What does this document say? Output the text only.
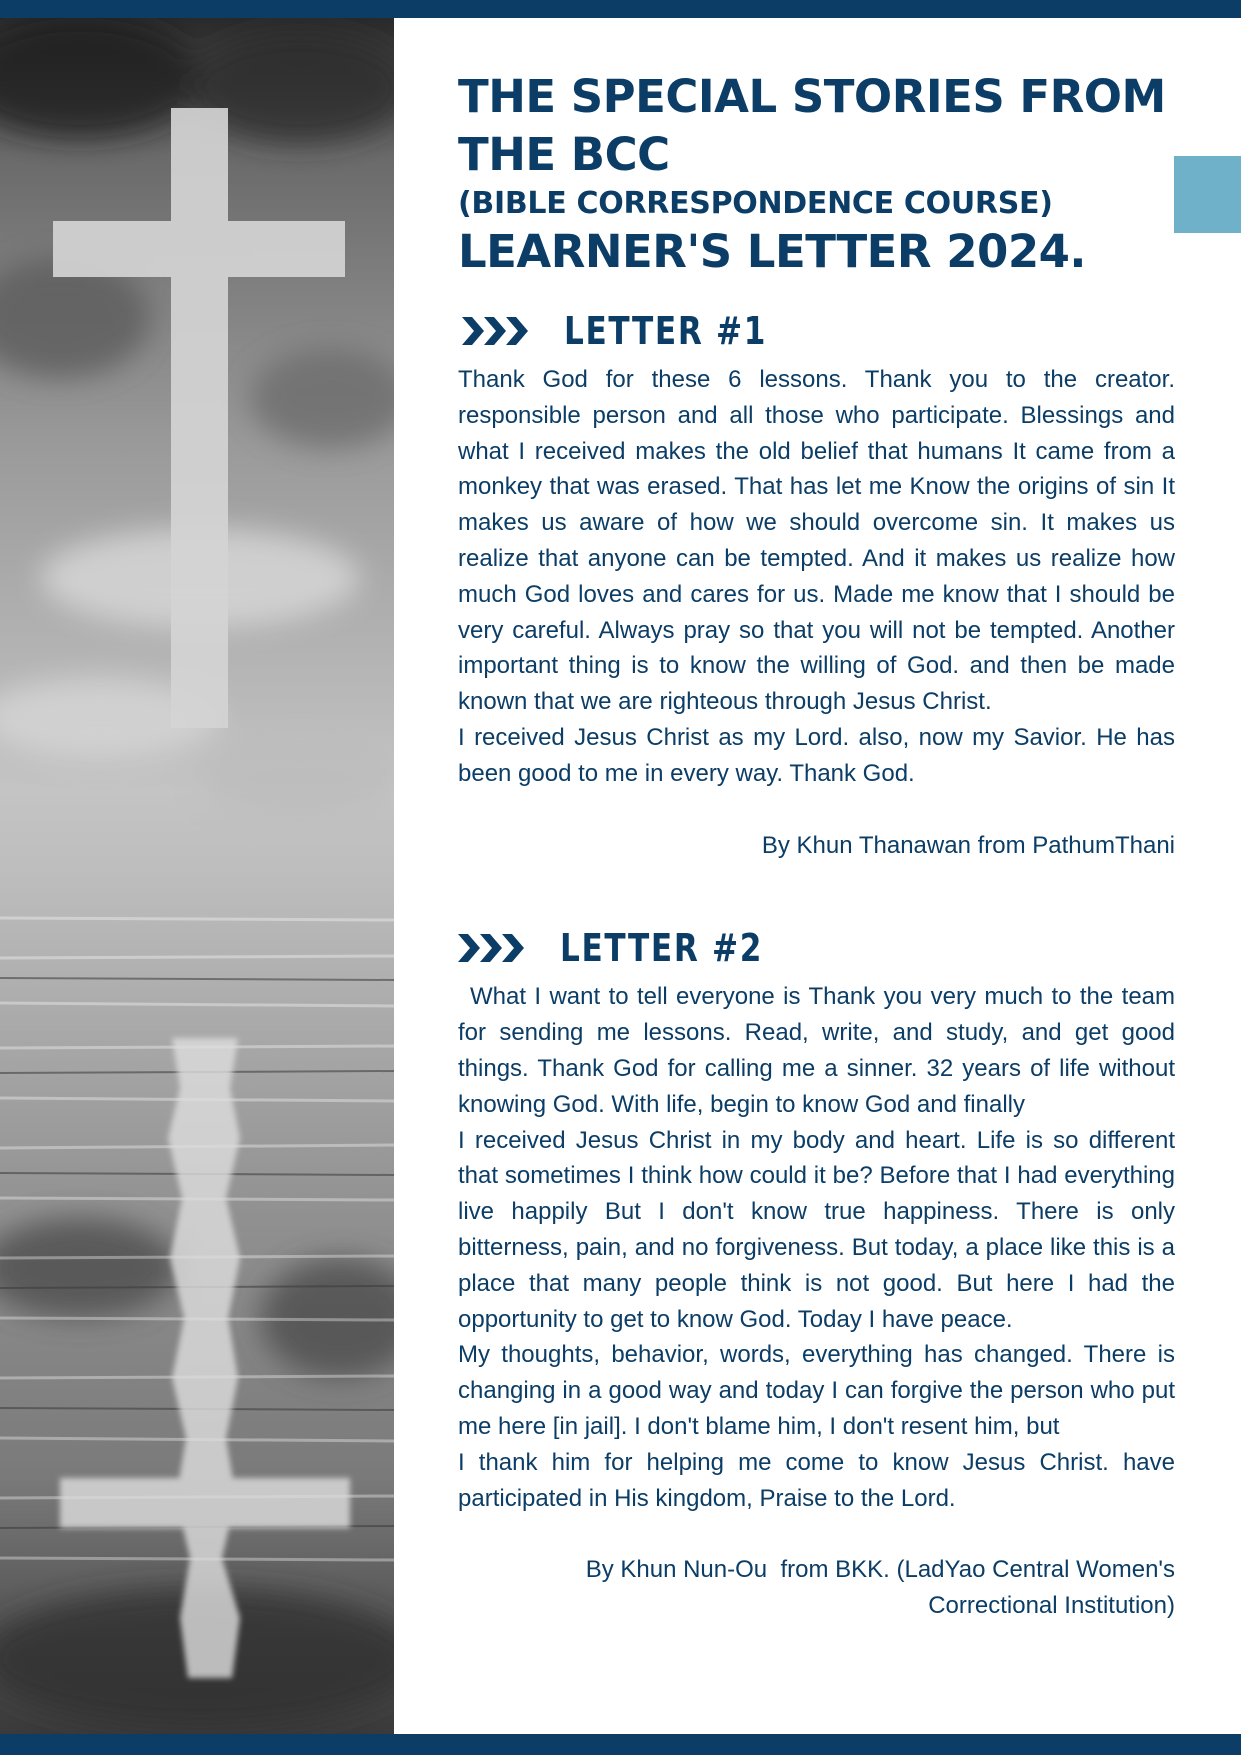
THE SPECIAL STORIES FROM THE BCC
(BIBLE CORRESPONDENCE COURSE)
LEARNER'S LETTER 2024.
LETTER #1

Thank God for these 6 lessons. Thank you to the creator. responsible person and all those who participate. Blessings and what I received makes the old belief that humans It came from a monkey that was erased. That has let me Know the origins of sin It makes us aware of how we should overcome sin. It makes us realize that anyone can be tempted. And it makes us realize how much God loves and cares for us. Made me know that I should be very careful. Always pray so that you will not be tempted. Another important thing is to know the willing of God. and then be made known that we are righteous through Jesus Christ.

I received Jesus Christ as my Lord. also, now my Savior. He has been good to me in every way. Thank God.

By Khun Thanawan from PathumThani

LETTER #2

What I want to tell everyone is Thank you very much to the team for sending me lessons. Read, write, and study, and get good things. Thank God for calling me a sinner. 32 years of life without knowing God. With life, begin to know God and finally

I received Jesus Christ in my body and heart. Life is so different that sometimes I think how could it be? Before that I had everything live happily But I don't know true happiness. There is only bitterness, pain, and no forgiveness. But today, a place like this is a place that many people think is not good. But here I had the opportunity to get to know God. Today I have peace.

My thoughts, behavior, words, everything has changed. There is changing in a good way and today I can forgive the person who put me here [in jail]. I don't blame him, I don't resent him, but

I thank him for helping me come to know Jesus Christ. have participated in His kingdom, Praise to the Lord.

By Khun Nun-Ou  from BKK. (LadYao Central Women's

Correctional Institution)
